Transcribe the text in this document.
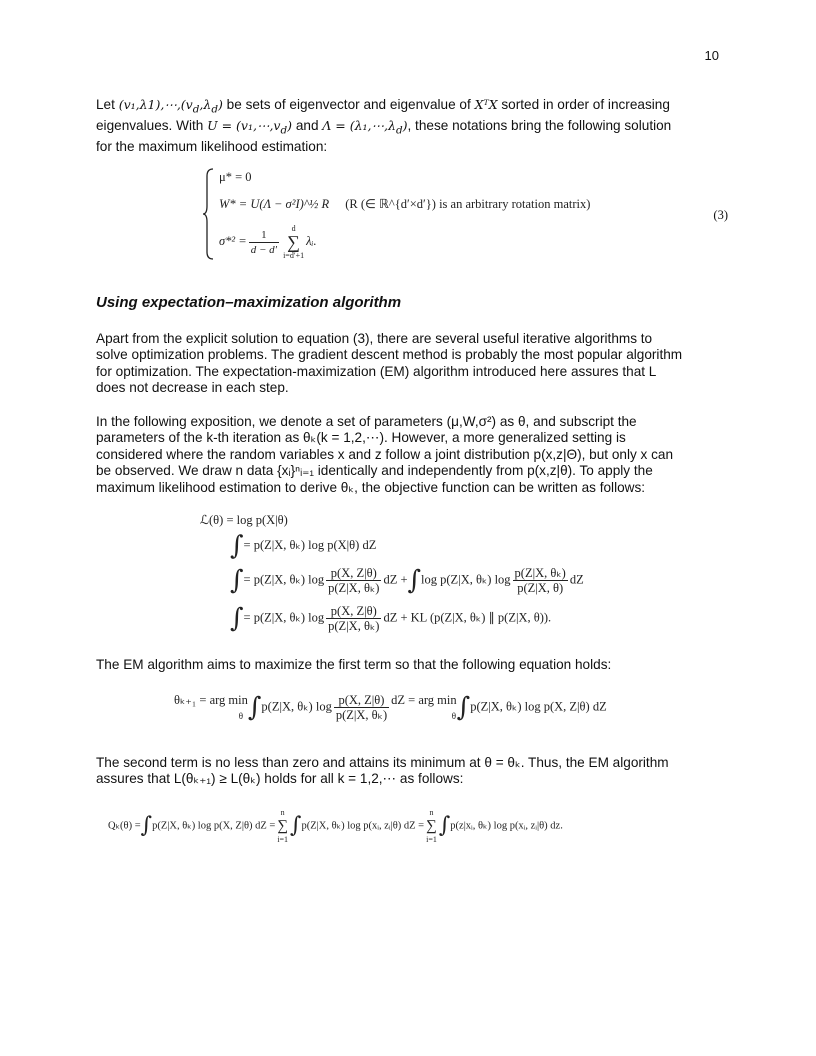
10
Let $(v_1,\lambda 1),\cdots,(v_d,\lambda_d)$ be sets of eigenvector and eigenvalue of XᵀX sorted in order of increasing
eigenvalues. With $U = (v_1,\cdots,v_d)$ and $\Lambda = (\lambda_1,\cdots,\lambda_d)$, these notations bring the following solution
for the maximum likelihood estimation:
μ* = 0
W* = U(Λ − σ²I)^½ R (R (∈ ℝ^{d′×d′}) is an arbitrary rotation matrix)
$\sigma*^2 = \frac{1}{d - d'}$ d
∑
i=d′+1λᵢ.
(3)
Using expectation–maximization algorithm
Apart from the explicit solution to equation (3), there are several useful iterative algorithms to
solve optimization problems. The gradient descent method is probably the most popular algorithm
for optimization. The expectation-maximization (EM) algorithm introduced here assures that L
does not decrease in each step.
In the following exposition, we denote a set of parameters (μ,W,σ²) as θ, and subscript the
parameters of the k-th iteration as θₖ(k = 1,2,⋯). However, a more generalized setting is
considered where the random variables x and z follow a joint distribution p(x,z|Θ), but only x can
be observed. We draw n data {xᵢ}ⁿᵢ₌₁ identically and independently from p(x,z|θ). To apply the
maximum likelihood estimation to derive θₖ, the objective function can be written as follows:
ℒ(θ) = log p(X|θ)
∫= p(Z|X, θₖ) log p(X|θ) dZ
∫= p(Z|X, θₖ) $\log \frac{p(X, Z|\theta)}{\text{p(Z|X, θₖ)}}$ dZ +∫log p(Z|X, θₖ) $\log \frac{\text{p(Z|X, θₖ)}}{p(Z|X, \theta)}$ dZ
∫= p(Z|X, θₖ) $\log \frac{p(X, Z|\theta)}{\text{p(Z|X, θₖ)}}$ dZ + KL (p(Z|X, θₖ) ∥ p(Z|X, θ)).
The EM algorithm aims to maximize the first term so that the following equation holds:
θₖ₊₁ = arg min
θ ∫p(Z|X, θₖ) $\log \frac{p(X, Z|\theta)}{\text{p(Z|X, θₖ)}}$ dZ = arg min
θ∫p(Z|X, θₖ) log p(X, Z|θ) dZ
The second term is no less than zero and attains its minimum at θ = θₖ. Thus, the EM algorithm
assures that L(θₖ₊₁) ≥ L(θₖ) holds for all k = 1,2,⋯ as follows:
Qₖ(θ) =∫p(Z|X, θₖ) log p(X, Z|θ) dZ =n
∑
i=1∫p(Z|X, θₖ) log p(xᵢ, zᵢ|θ) dZ =n
∑
i=1∫p(z|xᵢ, θₖ) log p(xᵢ, zᵢ|θ) dz.
